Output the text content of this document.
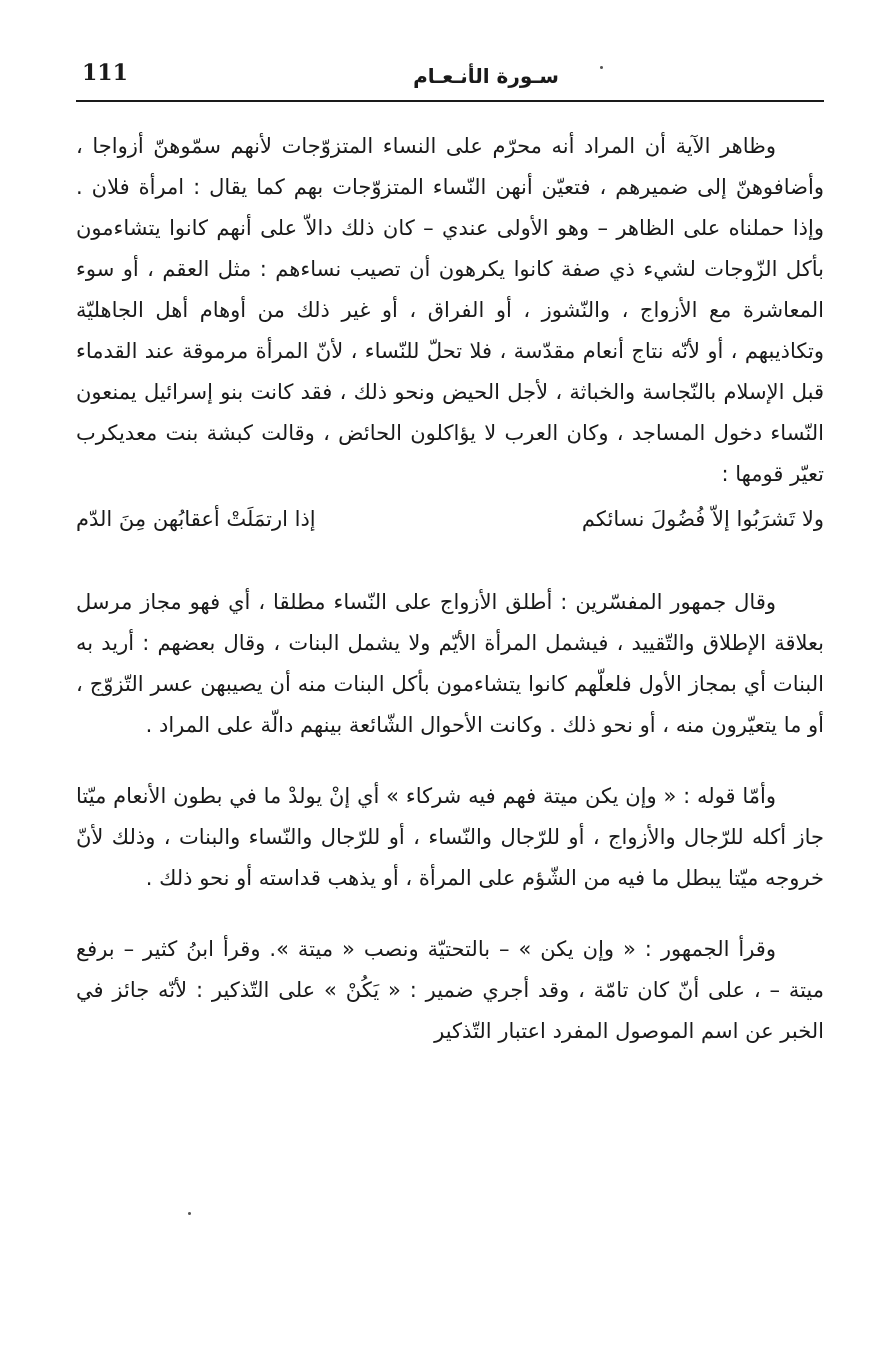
111	سـورة الأنـعـام

وظاهر الآية أن المراد أنه محرّم على النساء المتزوّجات لأنهم سمّوهنّ أزواجا ، وأضافوهنّ إلى ضميرهم ، فتعيّن أنهن النّساء المتزوّجات بهم كما يقال : امرأة فلان . وإذا حملناه على الظاهر – وهو الأولى عندي – كان ذلك دالاّ على أنهم كانوا يتشاءمون بأكل الزّوجات لشيء ذي صفة كانوا يكرهون أن تصيب نساءهم : مثل العقم ، أو سوء المعاشرة مع الأزواج ، والنّشوز ، أو الفراق ، أو غير ذلك من أوهام أهل الجاهليّة وتكاذيبهم ، أو لأنّه نتاج أنعام مقدّسة ، فلا تحلّ للنّساء ، لأنّ المرأة مرموقة عند القدماء قبل الإسلام بالنّجاسة والخباثة ، لأجل الحيض ونحو ذلك ، فقد كانت بنو إسرائيل يمنعون النّساء دخول المساجد ، وكان العرب لا يؤاكلون الحائض ، وقالت كبشة بنت معديكرب تعيّر قومها :

ولا تَشرَبُوا إلاّ فُضُولَ نسائكم
إذا ارتمَلَتْ أعقابُهن مِنَ الدّم

وقال جمهور المفسّرين : أطلق الأزواج على النّساء مطلقا ، أي فهو مجاز مرسل بعلاقة الإطلاق والتّقييد ، فيشمل المرأة الأيّم ولا يشمل البنات ، وقال بعضهم : أريد به البنات أي بمجاز الأول فلعلّهم كانوا يتشاءمون بأكل البنات منه أن يصيبهن عسر التّزوّج ، أو ما يتعيّرون منه ، أو نحو ذلك . وكانت الأحوال الشّائعة بينهم دالّة على المراد .

وأمّا قوله : « وإن يكن ميتة فهم فيه شركاء » أي إنْ يولدْ ما في بطون الأنعام ميّتا جاز أكله للرّجال والأزواج ، أو للرّجال والنّساء ، أو للرّجال والنّساء والبنات ، وذلك لأنّ خروجه ميّتا يبطل ما فيه من الشّؤم على المرأة ، أو يذهب قداسته أو نحو ذلك .

وقرأ الجمهور : « وإن يكن » – بالتحتيّة ونصب « ميتة ». وقرأ ابنُ كثير – برفع ميتة – ، على أنّ كان تامّة ، وقد أجري ضمير : « يَكُنْ » على التّذكير : لأنّه جائز في الخبر عن اسم الموصول المفرد اعتبار التّذكير
